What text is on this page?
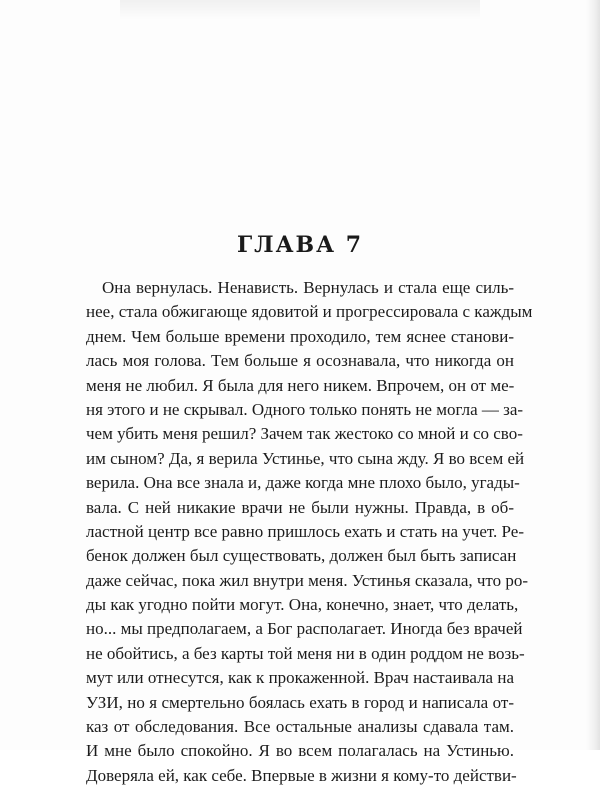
ГЛАВА 7
Она вернулась. Ненависть. Вернулась и стала еще силь-
нее, стала обжигающе ядовитой и прогрессировала с каждым
днем. Чем больше времени проходило, тем яснее станови-
лась моя голова. Тем больше я осознавала, что никогда он
меня не любил. Я была для него никем. Впрочем, он от ме-
ня этого и не скрывал. Одного только понять не могла — за-
чем убить меня решил? Зачем так жестоко со мной и со сво-
им сыном? Да, я верила Устинье, что сына жду. Я во всем ей
верила. Она все знала и, даже когда мне плохо было, угады-
вала. С ней никакие врачи не были нужны. Правда, в об-
ластной центр все равно пришлось ехать и стать на учет. Ре-
бенок должен был существовать, должен был быть записан
даже сейчас, пока жил внутри меня. Устинья сказала, что ро-
ды как угодно пойти могут. Она, конечно, знает, что делать,
но... мы предполагаем, а Бог располагает. Иногда без врачей
не обойтись, а без карты той меня ни в один роддом не возь-
мут или отнесутся, как к прокаженной. Врач настаивала на
УЗИ, но я смертельно боялась ехать в город и написала от-
каз от обследования. Все остальные анализы сдавала там.
И мне было спокойно. Я во всем полагалась на Устинью.
Доверяла ей, как себе. Впервые в жизни я кому-то действи-
